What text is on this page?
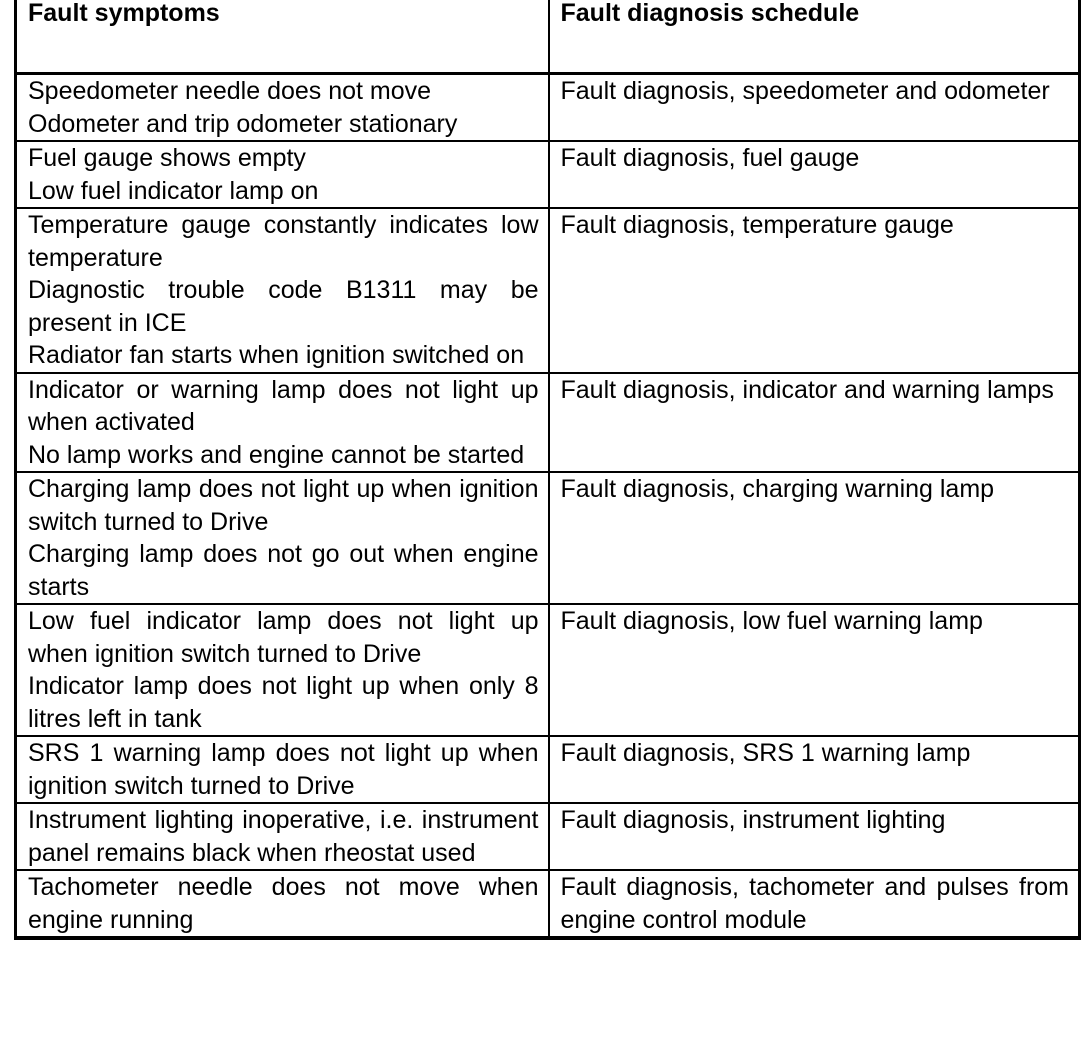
Fault symptoms	Fault diagnosis schedule

Speedometer needle does not move

Odometer and trip odometer stationary	Fault diagnosis, speedometer and odometer

Fuel gauge shows empty

Low fuel indicator lamp on	Fault diagnosis, fuel gauge

Temperature gauge constantly indicates low temperature

Diagnostic trouble code B1311 may be present in ICE

Radiator fan starts when ignition switched on	Fault diagnosis, temperature gauge

Indicator or warning lamp does not light up when activated

No lamp works and engine cannot be started	Fault diagnosis, indicator and warning lamps

Charging lamp does not light up when ignition switch turned to Drive

Charging lamp does not go out when engine starts	Fault diagnosis, charging warning lamp

Low fuel indicator lamp does not light up when ignition switch turned to Drive

Indicator lamp does not light up when only 8 litres left in tank	Fault diagnosis, low fuel warning lamp

SRS 1 warning lamp does not light up when ignition switch turned to Drive	Fault diagnosis, SRS 1 warning lamp

Instrument lighting inoperative, i.e. instrument panel remains black when rheostat used	Fault diagnosis, instrument lighting

Tachometer needle does not move when engine running	Fault diagnosis, tachometer and pulses from engine control module
